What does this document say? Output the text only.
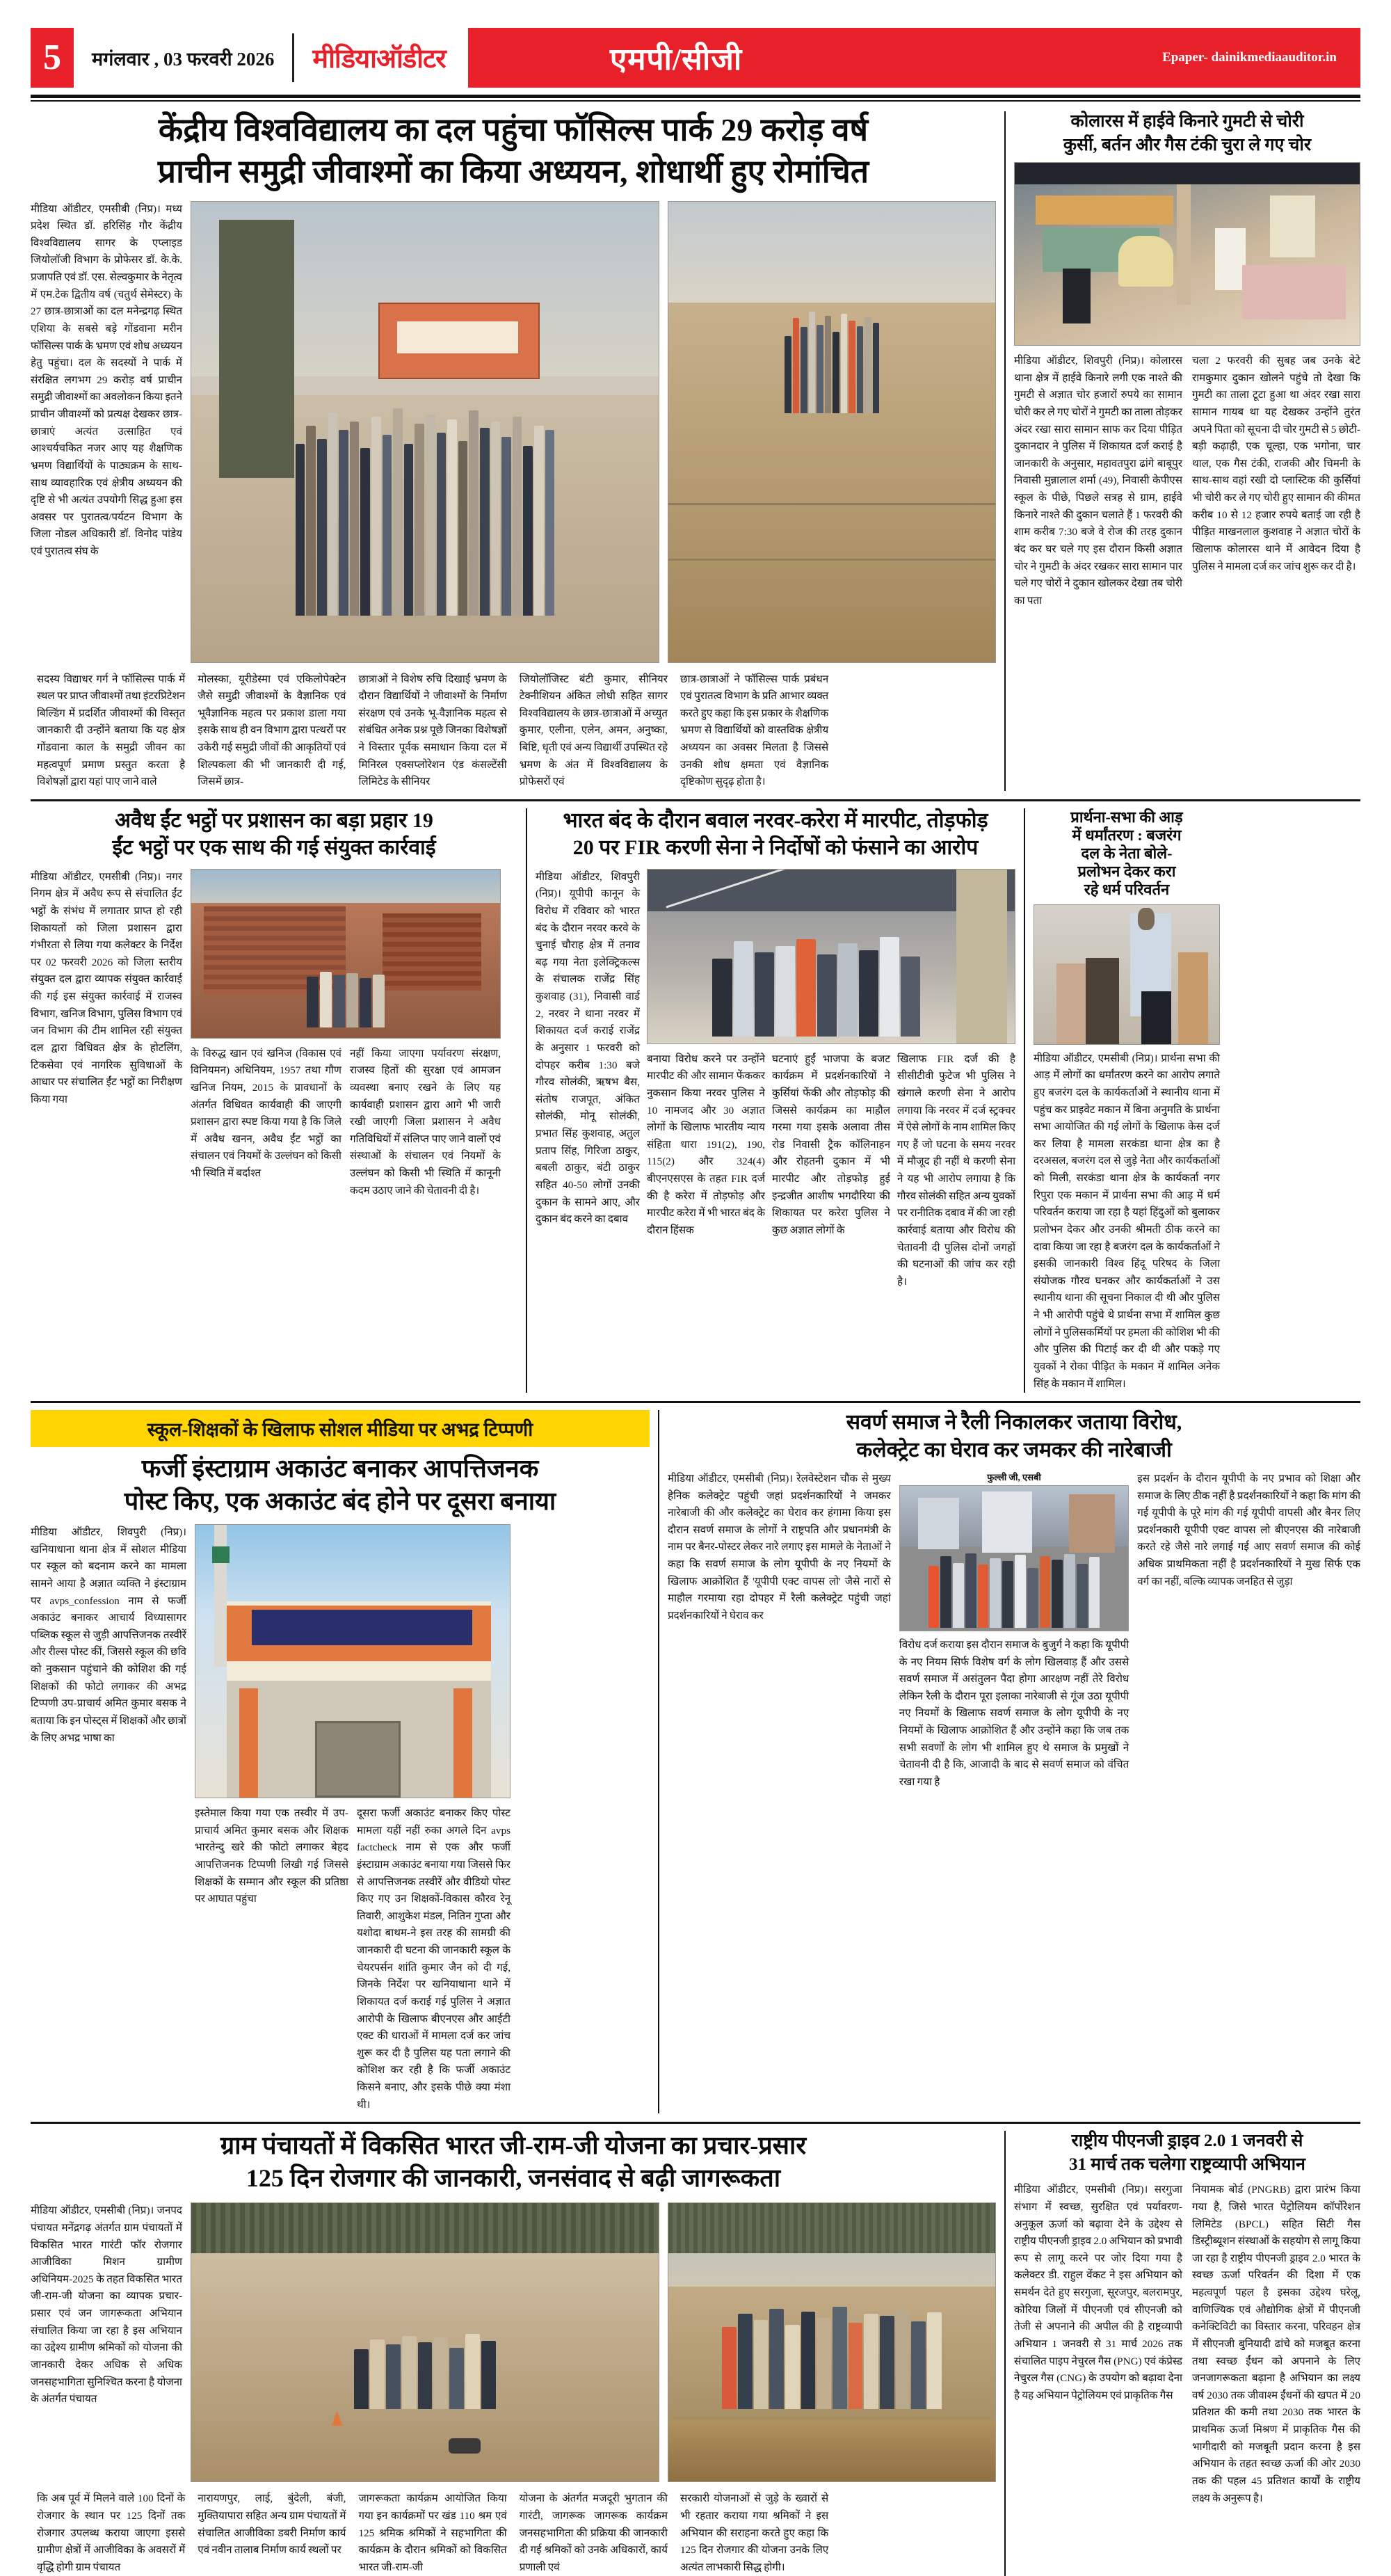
5	मगंलवार , 03 फरवरी 2026	मीडियाऑडीटर	एमपी/सीजी	Epaper- dainikmediaauditor.in
केंद्रीय विश्वविद्यालय का दल पहुंचा फॉसिल्स पार्क 29 करोड़ वर्ष
प्राचीन समुद्री जीवाश्मों का किया अध्ययन, शोधार्थी हुए रोमांचित
मीडिया ऑडीटर, एमसीबी (निप्र)। मध्य प्रदेश स्थित डॉ. हरिसिंह गौर केंद्रीय विश्वविद्यालय सागर के एप्लाइड जियोलॉजी विभाग के प्रोफेसर डॉ. के.के. प्रजापति एवं डॉ. एस. सेल्वकुमार के नेतृत्व में एम.टेक द्वितीय वर्ष (चतुर्थ सेमेस्टर) के 27 छात्र-छात्राओं का दल मनेन्द्रगढ़ स्थित एशिया के सबसे बड़े गोंडवाना मरीन फॉसिल्स पार्क के भ्रमण एवं शोध अध्ययन हेतु पहुंचा। दल के सदस्यों ने पार्क में संरक्षित लगभग 29 करोड़ वर्ष प्राचीन समुद्री जीवाश्मों का अवलोकन किया इतने प्राचीन जीवाश्मों को प्रत्यक्ष देखकर छात्र-छात्राएं अत्यंत उत्साहित एवं आश्चर्यचकित नजर आए यह शैक्षणिक भ्रमण विद्यार्थियों के पाठ्यक्रम के साथ-साथ व्यावहारिक एवं क्षेत्रीय अध्ययन की दृष्टि से भी अत्यंत उपयोगी सिद्ध हुआ इस अवसर पर पुरातत्व/पर्यटन विभाग के जिला नोडल अधिकारी डॉ. विनोद पांडेय एवं पुरातत्व संघ के
सदस्य विद्याधर गर्ग ने फॉसिल्स पार्क में स्थल पर प्राप्त जीवाश्मों तथा इंटरप्रिटेशन बिल्डिंग में प्रदर्शित जीवाश्मों की विस्तृत जानकारी दी उन्होंने बताया कि यह क्षेत्र गोंडवाना काल के समुद्री जीवन का महत्वपूर्ण प्रमाण प्रस्तुत करता है विशेषज्ञों द्वारा यहां पाए जाने वाले
मोलस्का, यूरीडेस्मा एवं एकिलोपेक्टेन जैसे समुद्री जीवाश्मों के वैज्ञानिक एवं भूवैज्ञानिक महत्व पर प्रकाश डाला गया इसके साथ ही वन विभाग द्वारा पत्थरों पर उकेरी गई समुद्री जीवों की आकृतियों एवं शिल्पकला की भी जानकारी दी गई, जिसमें छात्र-
छात्राओं ने विशेष रुचि दिखाई भ्रमण के दौरान विद्यार्थियों ने जीवाश्मों के निर्माण संरक्षण एवं उनके भू-वैज्ञानिक महत्व से संबंधित अनेक प्रश्न पूछे जिनका विशेषज्ञों ने विस्तार पूर्वक समाधान किया दल में मिनिरल एक्सप्लोरेशन एंड कंसल्टेंसी लिमिटेड के सीनियर
जियोलॉजिस्ट बंटी कुमार, सीनियर टेक्नीशियन अंकित लोधी सहित सागर विश्वविद्यालय के छात्र-छात्राओं में अच्युत कुमार, एलीना, एलेन, अमन, अनुष्का, बिष्टि, धृती एवं अन्य विद्यार्थी उपस्थित रहे भ्रमण के अंत में विश्वविद्यालय के प्रोफेसरों एवं
छात्र-छात्राओं ने फॉसिल्स पार्क प्रबंधन एवं पुरातत्व विभाग के प्रति आभार व्यक्त करते हुए कहा कि इस प्रकार के शैक्षणिक भ्रमण से विद्यार्थियों को वास्तविक क्षेत्रीय अध्ययन का अवसर मिलता है जिससे उनकी शोध क्षमता एवं वैज्ञानिक दृष्टिकोण सुदृढ़ होता है।
कोलारस में हाईवे किनारे गुमटी से चोरी
कुर्सी, बर्तन और गैस टंकी चुरा ले गए चोर
मीडिया ऑडीटर, शिवपुरी (निप्र)। कोलारस थाना क्षेत्र में हाईवे किनारे लगी एक नाश्ते की गुमटी से अज्ञात चोर हजारों रुपये का सामान चोरी कर ले गए चोरों ने गुमटी का ताला तोड़कर अंदर रखा सारा सामान साफ कर दिया पीड़ित दुकानदार ने पुलिस में शिकायत दर्ज कराई है जानकारी के अनुसार, महावतपुरा ढांगे बाबूपुर निवासी मुन्नालाल शर्मा (49), निवासी केपीएस स्कूल के पीछे, पिछले सत्रह से ग्राम, हाईवे किनारे नाश्ते की दुकान चलाते हैं 1 फरवरी की शाम करीब 7:30 बजे वे रोज की तरह दुकान बंद कर घर चले गए इस दौरान किसी अज्ञात चोर ने गुमटी के अंदर रखकर सारा सामान पार चले गए चोरों ने दुकान खोलकर देखा तब चोरी का पता
चला 2 फरवरी की सुबह जब उनके बेटे रामकुमार दुकान खोलने पहुंचे तो देखा कि गुमटी का ताला टूटा हुआ था अंदर रखा सारा सामान गायब था यह देखकर उन्होंने तुरंत अपने पिता को सूचना दी चोर गुमटी से 5 छोटी-बड़ी कढ़ाही, एक चूल्हा, एक भगोना, चार थाल, एक गैस टंकी, राजकी और चिमनी के साथ-साथ वहां रखी दो प्लास्टिक की कुर्सियां भी चोरी कर ले गए चोरी हुए सामान की कीमत करीब 10 से 12 हजार रुपये बताई जा रही है पीड़ित माखनलाल कुशवाह ने अज्ञात चोरों के खिलाफ कोलारस थाने में आवेदन दिया है पुलिस ने मामला दर्ज कर जांच शुरू कर दी है।
अवैध ईंट भट्ठों पर प्रशासन का बड़ा प्रहार 19
ईंट भट्ठों पर एक साथ की गई संयुक्त कार्रवाई
मीडिया ऑडीटर, एमसीबी (निप्र)। नगर निगम क्षेत्र में अवैध रूप से संचालित ईंट भट्ठों के संभंध में लगातार प्राप्त हो रही शिकायतों को जिला प्रशासन द्वारा गंभीरता से लिया गया कलेक्टर के निर्देश पर 02 फरवरी 2026 को जिला स्तरीय संयुक्त दल द्वारा व्यापक संयुक्त कार्रवाई की गई इस संयुक्त कार्रवाई में राजस्व विभाग, खनिज विभाग, पुलिस विभाग एवं जन विभाग की टीम शामिल रही संयुक्त दल द्वारा विधिवत क्षेत्र के होटलिंग, टिकसेवा एवं नागरिक सुविधाओं के आधार पर संचालित ईंट भट्ठों का निरीक्षण किया गया
के विरुद्ध खान एवं खनिज (विकास एवं विनियमन) अधिनियम, 1957 तथा गौण खनिज नियम, 2015 के प्रावधानों के अंतर्गत विधिवत कार्यवाही की जाएगी प्रशासन द्वारा स्पष्ट किया गया है कि जिले में अवैध खनन, अवैध ईंट भट्ठों का संचालन एवं नियमों के उल्लंघन को किसी भी स्थिति में बर्दाश्त
नहीं किया जाएगा पर्यावरण संरक्षण, राजस्व हितों की सुरक्षा एवं आमजन व्यवस्था बनाए रखने के लिए यह कार्यवाही प्रशासन द्वारा आगे भी जारी रखी जाएगी जिला प्रशासन ने अवैध गतिविधियों में संलिप्त पाए जाने वालों एवं संस्थाओं के संचालन एवं नियमों के उल्लंघन को किसी भी स्थिति में कानूनी कदम उठाए जाने की चेतावनी दी है।
भारत बंद के दौरान बवाल नरवर-करेरा में मारपीट, तोड़फोड़
20 पर FIR करणी सेना ने निर्दोषों को फंसाने का आरोप
मीडिया ऑडीटर, शिवपुरी (निप्र)। यूपीपी कानून के विरोध में रविवार को भारत बंद के दौरान नरवर करवे के चुनाई चौराह क्षेत्र में तनाव बढ़ गया नेता इलेक्ट्रिकल्स के संचालक राजेंद्र सिंह कुशवाह (31), निवासी वार्ड 2, नरवर ने थाना नरवर में शिकायत दर्ज कराई राजेंद्र के अनुसार 1 फरवरी को दोपहर करीब 1:30 बजे गौरव सोलंकी, ऋषभ बैस, संतोष राजपूत, अंकित सोलंकी, मोनू सोलंकी, प्रभात सिंह कुशवाह, अतुल प्रताप सिंह, गिरिजा ठाकुर, बबली ठाकुर, बंटी ठाकुर सहित 40-50 लोगों उनकी दुकान के सामने आए, और दुकान बंद करने का दबाव
बनाया विरोध करने पर उन्होंने मारपीट की और सामान फेंककर नुकसान किया नरवर पुलिस ने 10 नामजद और 30 अज्ञात लोगों के खिलाफ भारतीय न्याय संहिता धारा 191(2), 190, 115(2) और 324(4) बीएनएसएस के तहत FIR दर्ज की है करेरा में तोड़फोड़ और मारपीट करेरा में भी भारत बंद के दौरान हिंसक
घटनाएं हुईं भाजपा के बजट कार्यक्रम में प्रदर्शनकारियों ने कुर्सियां फेंकी और तोड़फोड़ की जिससे कार्यक्रम का माहौल गरमा गया इसके अलावा तीस रोड निवासी ट्रैक कॉलिनाहन और रोहतनी दुकान में भी मारपीट और तोड़फोड़ हुई इन्द्रजीत आशीष भगदौरिया की शिकायत पर करेरा पुलिस ने कुछ अज्ञात लोगों के
खिलाफ FIR दर्ज की है सीसीटीवी फुटेज भी पुलिस ने खंगाले करणी सेना ने आरोप लगाया कि नरवर में दर्ज स्ट्रक्चर में ऐसे लोगों के नाम शामिल किए गए हैं जो घटना के समय नरवर में मौजूद ही नहीं थे करणी सेना ने यह भी आरोप लगाया है कि गौरव सोलंकी सहित अन्य युवकों पर रानीतिक दबाव में की जा रही कार्रवाई बताया और विरोध की चेतावनी दी पुलिस दोनों जगहों की घटनाओं की जांच कर रही है।
प्रार्थना-सभा की आड़
में धर्मांतरण : बजरंग
दल के नेता बोले-
प्रलोभन देकर करा
रहे धर्म परिवर्तन
मीडिया ऑडीटर, एमसीबी (निप्र)। प्रार्थना सभा की आड़ में लोगों का धर्मांतरण करने का आरोप लगाते हुए बजरंग दल के कार्यकर्ताओं ने स्थानीय थाना में पहुंच कर प्राइवेट मकान में बिना अनुमति के प्रार्थना सभा आयोजित की गई लोगों के खिलाफ केस दर्ज कर लिया है मामला सरकंडा थाना क्षेत्र का है दरअसल, बजरंग दल से जुड़े नेता और कार्यकर्ताओं को मिली, सरकंडा थाना क्षेत्र के कार्यकर्ता नगर रिपुरा एक मकान में प्रार्थना सभा की आड़ में धर्म परिवर्तन कराया जा रहा है यहां हिंदुओं को बुलाकर प्रलोभन देकर और उनकी श्रीमती ठीक करने का दावा किया जा रहा है बजरंग दल के कार्यकर्ताओं ने इसकी जानकारी विश्व हिंदू परिषद के जिला संयोजक गौरव घनकर और कार्यकर्ताओं ने उस स्थानीय थाना की सूचना निकाल दी थी और पुलिस ने भी आरोपी पहुंचे थे प्रार्थना सभा में शामिल कुछ लोगों ने पुलिसकर्मियों पर हमला की कोशिश भी की और पुलिस की पिटाई कर दी थी और पकड़े गए युवकों ने रोका पीड़ित के मकान में शामिल अनेक सिंह के मकान में शामिल।
स्कूल-शिक्षकों के खिलाफ सोशल मीडिया पर अभद्र टिप्पणी
फर्जी इंस्टाग्राम अकाउंट बनाकर आपत्तिजनक
पोस्ट किए, एक अकाउंट बंद होने पर दूसरा बनाया
मीडिया ऑडीटर, शिवपुरी (निप्र)। खनियाधाना थाना क्षेत्र में सोशल मीडिया पर स्कूल को बदनाम करने का मामला सामने आया है अज्ञात व्यक्ति ने इंस्टाग्राम पर avps_confession नाम से फर्जी अकाउंट बनाकर आचार्य विध्यासागर पब्लिक स्कूल से जुड़ी आपत्तिजनक तस्वीरें और रील्स पोस्ट कीं, जिससे स्कूल की छवि को नुकसान पहुंचाने की कोशिश की गई शिक्षकों की फोटो लगाकर की अभद्र टिप्पणी उप-प्राचार्य अमित कुमार बसक ने बताया कि इन पोस्ट्स में शिक्षकों और छात्रों के लिए अभद्र भाषा का
इस्तेमाल किया गया एक तस्वीर में उप-प्राचार्य अमित कुमार बसक और शिक्षक भारतेन्दु खरे की फोटो लगाकर बेहद आपत्तिजनक टिप्पणी लिखी गई जिससे शिक्षकों के सम्मान और स्कूल की प्रतिष्ठा पर आघात पहुंचा
दूसरा फर्जी अकाउंट बनाकर किए पोस्ट मामला यहीं नहीं रुका अगले दिन avps factcheck नाम से एक और फर्जी इंस्टाग्राम अकाउंट बनाया गया जिससे फिर से आपत्तिजनक तस्वीरें और वीडियो पोस्ट किए गए उन शिक्षकों-विकास कौरव रेनू तिवारी, आशुकेश मंडल, नितिन गुप्ता और यशोदा बाथम-ने इस तरह की सामग्री की जानकारी दी घटना की जानकारी स्कूल के चेयरपर्सन शांति कुमार जैन को दी गई, जिनके निर्देश पर खनियाधाना थाने में शिकायत दर्ज कराई गई पुलिस ने अज्ञात आरोपी के खिलाफ बीएनएस और आईटी एक्ट की धाराओं में मामला दर्ज कर जांच शुरू कर दी है पुलिस यह पता लगाने की कोशिश कर रही है कि फर्जी अकाउंट किसने बनाए, और इसके पीछे क्या मंशा थी।
सवर्ण समाज ने रैली निकालकर जताया विरोध,
कलेक्ट्रेट का घेराव कर जमकर की नारेबाजी
मीडिया ऑडीटर, एमसीबी (निप्र)। रेलवेस्टेशन चौक से मुख्य हेनिक कलेक्ट्रेट पहुंची जहां प्रदर्शनकारियों ने जमकर नारेबाजी की और कलेक्ट्रेट का घेराव कर हंगामा किया इस दौरान सवर्ण समाज के लोगों ने राष्ट्रपति और प्रधानमंत्री के नाम पर बैनर-पोस्टर लेकर नारे लगाए इस मामले के नेताओं ने कहा कि सवर्ण समाज के लोग यूपीपी के नए नियमों के खिलाफ आक्रोशित हैं 'यूपीपी एक्ट वापस लो' जैसे नारों से माहौल गरमाया रहा दोपहर में रैली कलेक्ट्रेट पहुंची जहां प्रदर्शनकारियों ने घेराव कर
फुल्ली जी, एसबी
विरोध दर्ज कराया इस दौरान समाज के बुजुर्ग ने कहा कि यूपीपी के नए नियम सिर्फ विशेष वर्ग के लोग खिलवाड़ हैं और उससे सवर्ण समाज में असंतुलन पैदा होगा आरक्षण नहीं तेरे विरोध लेकिन रैली के दौरान पूरा इलाका नारेबाजी से गूंज उठा यूपीपी नए नियमों के खिलाफ सवर्ण समाज के लोग यूपीपी के नए नियमों के खिलाफ आक्रोशित हैं और उन्होंने कहा कि जब तक सभी सवर्णों के लोग भी शामिल हुए थे समाज के प्रमुखों ने चेतावनी दी है कि, आजादी के बाद से सवर्ण समाज को वंचित रखा गया है
इस प्रदर्शन के दौरान यूपीपी के नए प्रभाव को शिक्षा और समाज के लिए ठीक नहीं है प्रदर्शनकारियों ने कहा कि मांग की गई यूपीपी के पूरे मांग की गई यूपीपी वापसी और बैनर लिए प्रदर्शनकारी यूपीपी एक्ट वापस लो बीएनएस की नारेबाजी करते रहे जैसे नारे लगाई गई आए सवर्ण समाज की कोई अधिक प्राथमिकता नहीं है प्रदर्शनकारियों ने मुख सिर्फ एक वर्ग का नहीं, बल्कि व्यापक जनहित से जुड़ा
ग्राम पंचायतों में विकसित भारत जी-राम-जी योजना का प्रचार-प्रसार
125 दिन रोजगार की जानकारी, जनसंवाद से बढ़ी जागरूकता
मीडिया ऑडीटर, एमसीबी (निप्र)। जनपद पंचायत मनेंद्रगढ़ अंतर्गत ग्राम पंचायतों में विकसित भारत गारंटी फॉर रोजगार आजीविका मिशन ग्रामीण अधिनियम-2025 के तहत विकसित भारत जी-राम-जी योजना का व्यापक प्रचार-प्रसार एवं जन जागरूकता अभियान संचालित किया जा रहा है इस अभियान का उद्देश्य ग्रामीण श्रमिकों को योजना की जानकारी देकर अधिक से अधिक जनसहभागिता सुनिश्चित करना है योजना के अंतर्गत पंचायत
कि अब पूर्व में मिलने वाले 100 दिनों के रोजगार के स्थान पर 125 दिनों तक रोजगार उपलब्ध कराया जाएगा इससे ग्रामीण क्षेत्रों में आजीविका के अवसरों में वृद्धि होगी ग्राम पंचायत
नारायणपुर, लाई, बुंदेली, बंजी, मुक्तियापारा सहित अन्य ग्राम पंचायतों में संचालित आजीविका डबरी निर्माण कार्य एवं नवीन तालाब निर्माण कार्य स्थलों पर
जागरूकता कार्यक्रम आयोजित किया गया इन कार्यक्रमों पर खंड 110 श्रम एवं 125 श्रमिक श्रमिकों ने सहभागिता की कार्यक्रम के दौरान श्रमिकों को विकसित भारत जी-राम-जी
योजना के अंतर्गत मजदूरी भुगतान की गारंटी, जागरूक जागरूक कार्यक्रम जनसहभागिता की प्रक्रिया की जानकारी दी गई श्रमिकों को उनके अधिकारों, कार्य प्रणाली एवं
सरकारी योजनाओं से जुड़े के ख्वारों से भी रहतार कराया गया श्रमिकों ने इस अभियान की सराहना करते हुए कहा कि 125 दिन रोजगार की योजना उनके लिए अत्यंत लाभकारी सिद्ध होगी।
राष्ट्रीय पीएनजी ड्राइव 2.0 1 जनवरी से
31 मार्च तक चलेगा राष्ट्रव्यापी अभियान
मीडिया ऑडीटर, एमसीबी (निप्र)। सरगुजा संभाग में स्वच्छ, सुरक्षित एवं पर्यावरण-अनुकूल ऊर्जा को बढ़ावा देने के उद्देश्य से राष्ट्रीय पीएनजी ड्राइव 2.0 अभियान को प्रभावी रूप से लागू करने पर जोर दिया गया है कलेक्टर डी. राहुल वेंकट ने इस अभियान को समर्थन देते हुए सरगुजा, सूरजपुर, बलरामपुर, कोरिया जिलों में पीएनजी एवं सीएनजी को तेजी से अपनाने की अपील की है राष्ट्रव्यापी अभियान 1 जनवरी से 31 मार्च 2026 तक संचालित पाइप नेचुरल गैस (PNG) एवं कंप्रेस्ड नेचुरल गैस (CNG) के उपयोग को बढ़ावा देना है यह अभियान पेट्रोलियम एवं प्राकृतिक गैस
नियामक बोर्ड (PNGRB) द्वारा प्रारंभ किया गया है, जिसे भारत पेट्रोलियम कॉर्पोरेशन लिमिटेड (BPCL) सहित सिटी गैस डिस्ट्रीब्यूशन संस्थाओं के सहयोग से लागू किया जा रहा है राष्ट्रीय पीएनजी ड्राइव 2.0 भारत के स्वच्छ ऊर्जा परिवर्तन की दिशा में एक महत्वपूर्ण पहल है इसका उद्देश्य घरेलू, वाणिज्यिक एवं औद्योगिक क्षेत्रों में पीएनजी कनेक्टिविटी का विस्तार करना, परिवहन क्षेत्र में सीएनजी बुनियादी ढांचे को मजबूत करना तथा स्वच्छ ईंधन को अपनाने के लिए जनजागरूकता बढ़ाना है अभियान का लक्ष्य वर्ष 2030 तक जीवाश्म ईंधनों की खपत में 20 प्रतिशत की कमी तथा 2030 तक भारत के प्राथमिक ऊर्जा मिश्रण में प्राकृतिक गैस की भागीदारी को मजबूती प्रदान करना है इस अभियान के तहत स्वच्छ ऊर्जा की ओर 2030 तक की पहल 45 प्रतिशत कार्यों के राष्ट्रीय लक्ष्य के अनुरूप है।
